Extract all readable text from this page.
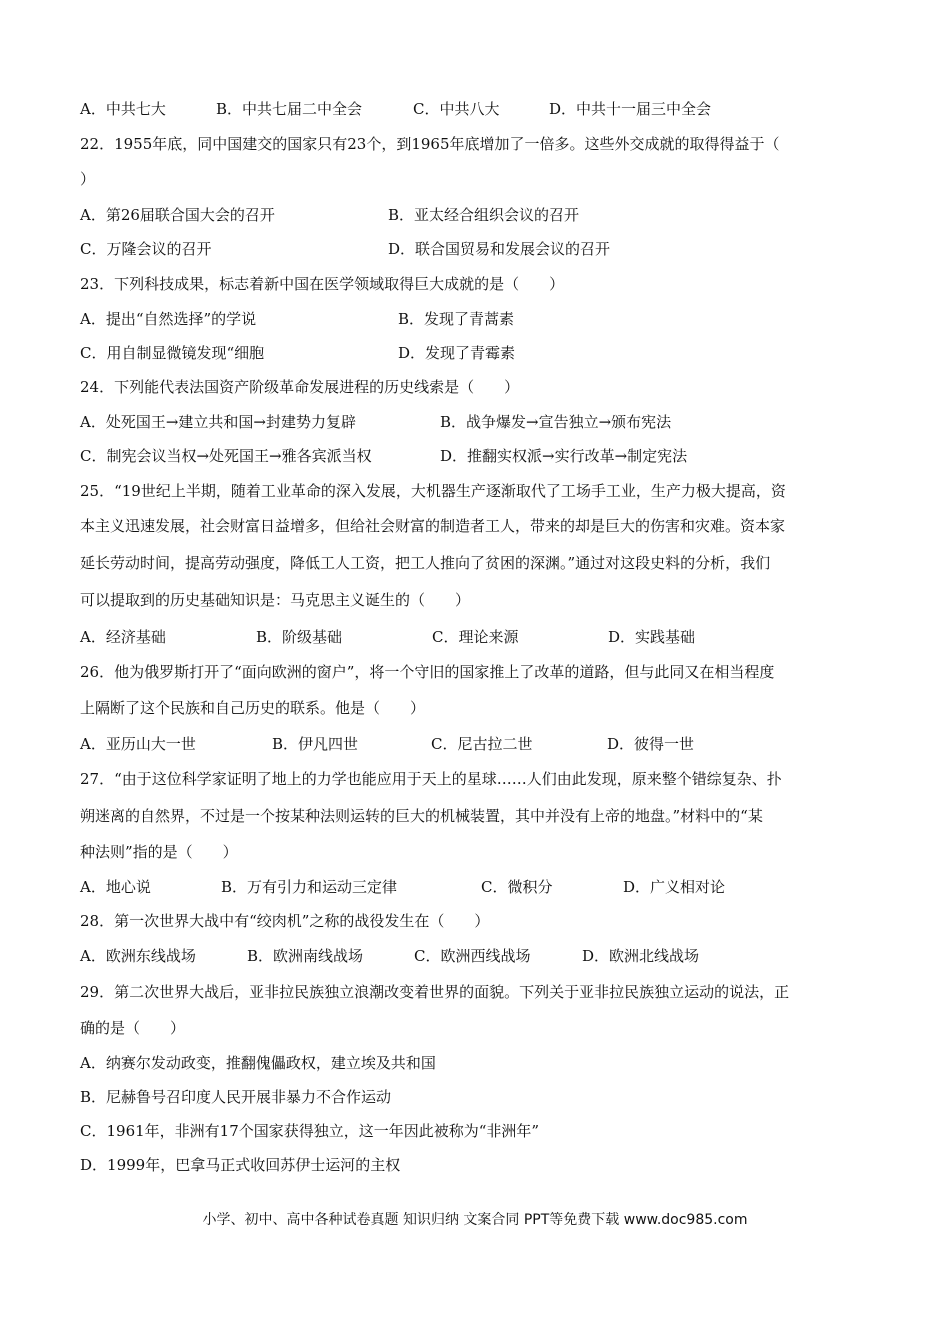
A．中共七大	B．中共七届二中全会	C．中共八大	D．中共十一届三中全会
22．1955年底，同中国建交的国家只有23个，到1965年底增加了一倍多。这些外交成就的取得得益于（
）
A．第26届联合国大会的召开	B．亚太经合组织会议的召开
C．万隆会议的召开	D．联合国贸易和发展会议的召开
23．下列科技成果，标志着新中国在医学领域取得巨大成就的是（　　）
A．提出“自然选择”的学说	B．发现了青蒿素
C．用自制显微镜发现“细胞	D．发现了青霉素
24．下列能代表法国资产阶级革命发展进程的历史线索是（　　）
A．处死国王→建立共和国→封建势力复辟	B．战争爆发→宣告独立→颁布宪法
C．制宪会议当权→处死国王→雅各宾派当权	D．推翻实权派→实行改革→制定宪法
25．“19世纪上半期，随着工业革命的深入发展，大机器生产逐渐取代了工场手工业，生产力极大提高，资
本主义迅速发展，社会财富日益增多，但给社会财富的制造者工人，带来的却是巨大的伤害和灾难。资本家
延长劳动时间，提高劳动强度，降低工人工资，把工人推向了贫困的深渊。”通过对这段史料的分析，我们
可以提取到的历史基础知识是：马克思主义诞生的（　　）
A．经济基础	B．阶级基础	C．理论来源	D．实践基础
26．他为俄罗斯打开了“面向欧洲的窗户”，将一个守旧的国家推上了改革的道路，但与此同又在相当程度
上隔断了这个民族和自己历史的联系。他是（　　）
A．亚历山大一世	B．伊凡四世	C．尼古拉二世	D．彼得一世
27．“由于这位科学家证明了地上的力学也能应用于天上的星球……人们由此发现，原来整个错综复杂、扑
朔迷离的自然界，不过是一个按某种法则运转的巨大的机械装置，其中并没有上帝的地盘。”材料中的“某
种法则”指的是（　　）
A．地心说	B．万有引力和运动三定律	C．微积分	D．广义相对论
28．第一次世界大战中有“绞肉机”之称的战役发生在（　　）
A．欧洲东线战场	B．欧洲南线战场	C．欧洲西线战场	D．欧洲北线战场
29．第二次世界大战后，亚非拉民族独立浪潮改变着世界的面貌。下列关于亚非拉民族独立运动的说法，正
确的是（　　）
A．纳赛尔发动政变，推翻傀儡政权，建立埃及共和国
B．尼赫鲁号召印度人民开展非暴力不合作运动
C．1961年，非洲有17个国家获得独立，这一年因此被称为“非洲年”
D．1999年，巴拿马正式收回苏伊士运河的主权
小学、初中、高中各种试卷真题 知识归纳 文案合同 PPT等免费下载 www.doc985.com
